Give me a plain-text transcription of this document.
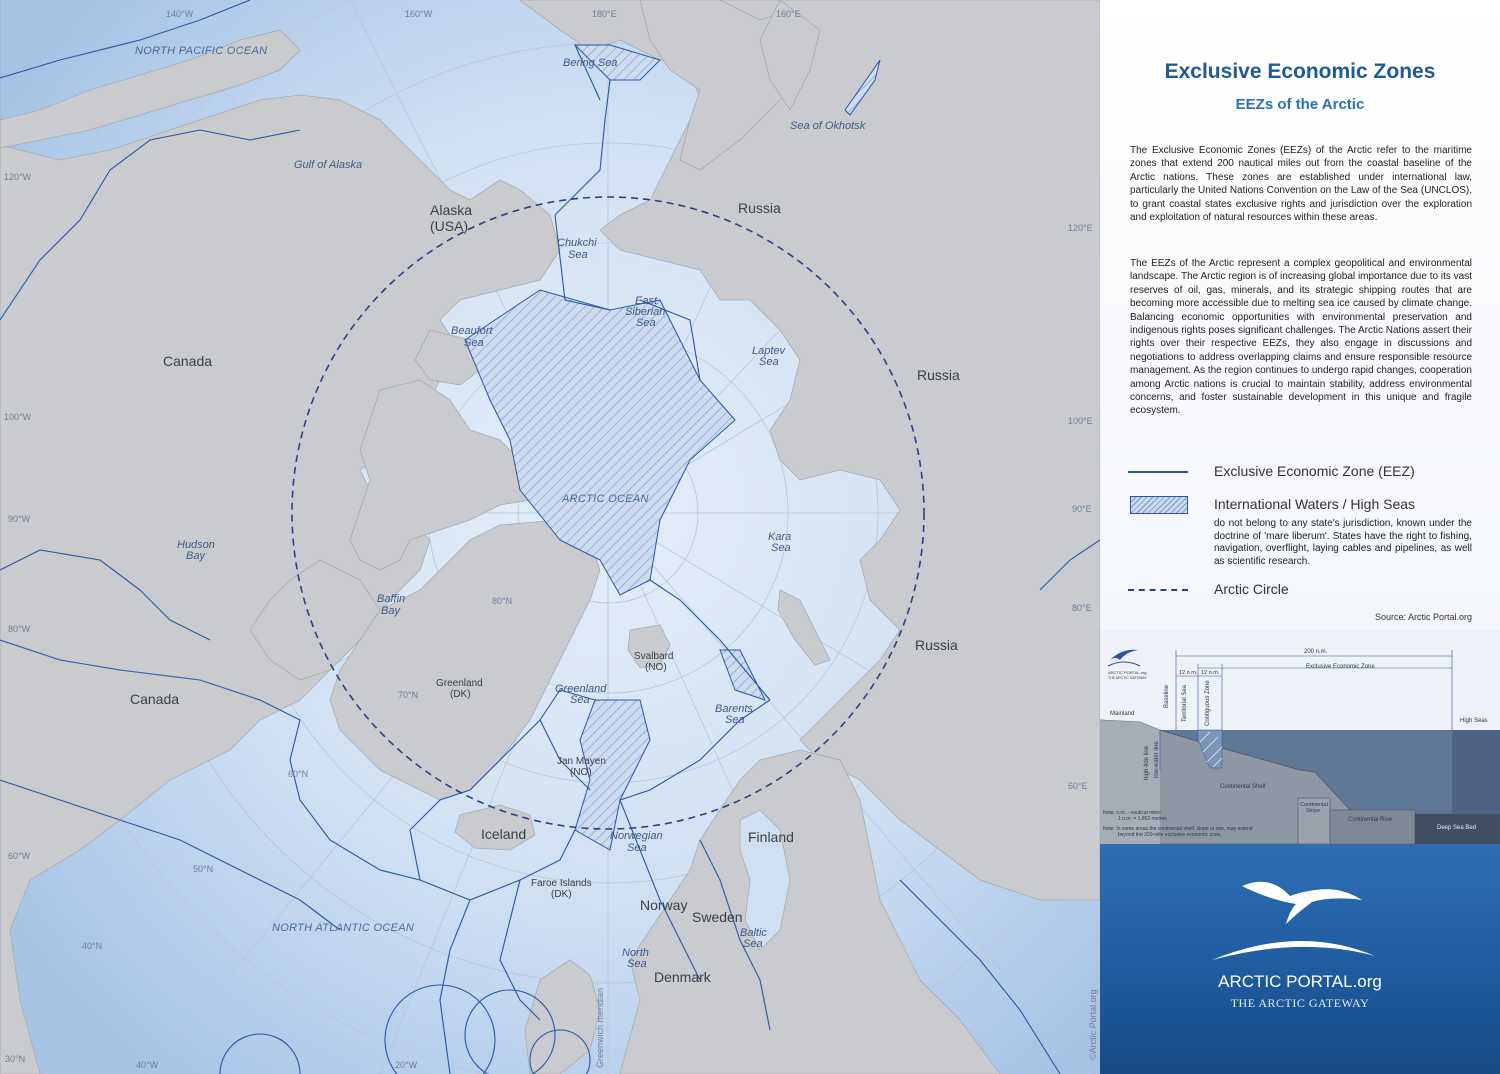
Alaska
(USA)
Russia
Russia
Russia
Canada
Canada
Greenland
(DK)
Svalbard
(NO)
Jan Mayen
(NO)
Iceland
Faroe Islands
(DK)
Finland
Norway
Sweden
Denmark
NORTH PACIFIC OCEAN
ARCTIC OCEAN
NORTH ATLANTIC OCEAN
Bering Sea
Sea of Okhotsk
Gulf of Alaska
Chukchi
Sea
East
Siberian
Sea
Beaufort
Sea
Laptev
Sea
Kara
Sea
Hudson
Bay
Baffin
Bay
Greenland
Sea
Barents
Sea
Norwegian
Sea
North
Sea
Baltic
Sea
140°W	160°W	180°E	160°E
120°W
120°E
100°W	100°E
90°W
90°E
80°W
80°E
60°E
60°W
40°W	20°W
80°N
70°N
60°N
50°N
40°N
30°N	Greenwich meridian	©Arctic Portal.org
Exclusive Economic Zones
EEZs of the Arctic
The Exclusive Economic Zones (EEZs) of the Arctic refer to the maritime zones that extend 200 nautical miles out from the coastal baseline of the Arctic nations. These zones are established under international law, particularly the United Nations Convention on the Law of the Sea (UNCLOS), to grant coastal states exclusive rights and jurisdiction over the exploration and exploitation of natural resources within these areas.
The EEZs of the Arctic represent a complex geopolitical and environmental landscape. The Arctic region is of increasing global importance due to its vast reserves of oil, gas, minerals, and its strategic shipping routes that are becoming more accessible due to melting sea ice caused by climate change. Balancing economic opportunities with environmental preservation and indigenous rights poses significant challenges. The Arctic Nations assert their rights over their respective EEZs, they also engage in discussions and negotiations to address overlapping claims and ensure responsible resource management. As the region continues to undergo rapid changes, cooperation among Arctic nations is crucial to maintain stability, address environmental concerns, and foster sustainable development in this unique and fragile ecosystem.
Exclusive Economic Zone (EEZ)
International Waters / High Seas
do not belong to any state's jurisdiction, known under the doctrine of 'mare liberum'. States have the right to fishing, navigation, overflight, laying cables and pipelines, as well as scientific research.
Arctic Circle
Source: Arctic Portal.org
ARCTIC PORTAL.org
THE ARCTIC GATEWAY
200 n.m.
12 n.m. 12 n.m.
Exclusive Economic Zone
Baseline Territorial Sea	Contiguous Zone
Mainland
High Seas
high-tide line low-water line
Continental Shelf
Continental
Slope
Continental Rise
Deep Sea Bed
Note: n.m. - nautical miles
1 n.m. = 1,852 metres
Note: In some areas the continental shelf, slope or rise, may extend
beyond the 200-mile exclusive economic zone.
ARCTIC PORTAL.org
THE ARCTIC GATEWAY
